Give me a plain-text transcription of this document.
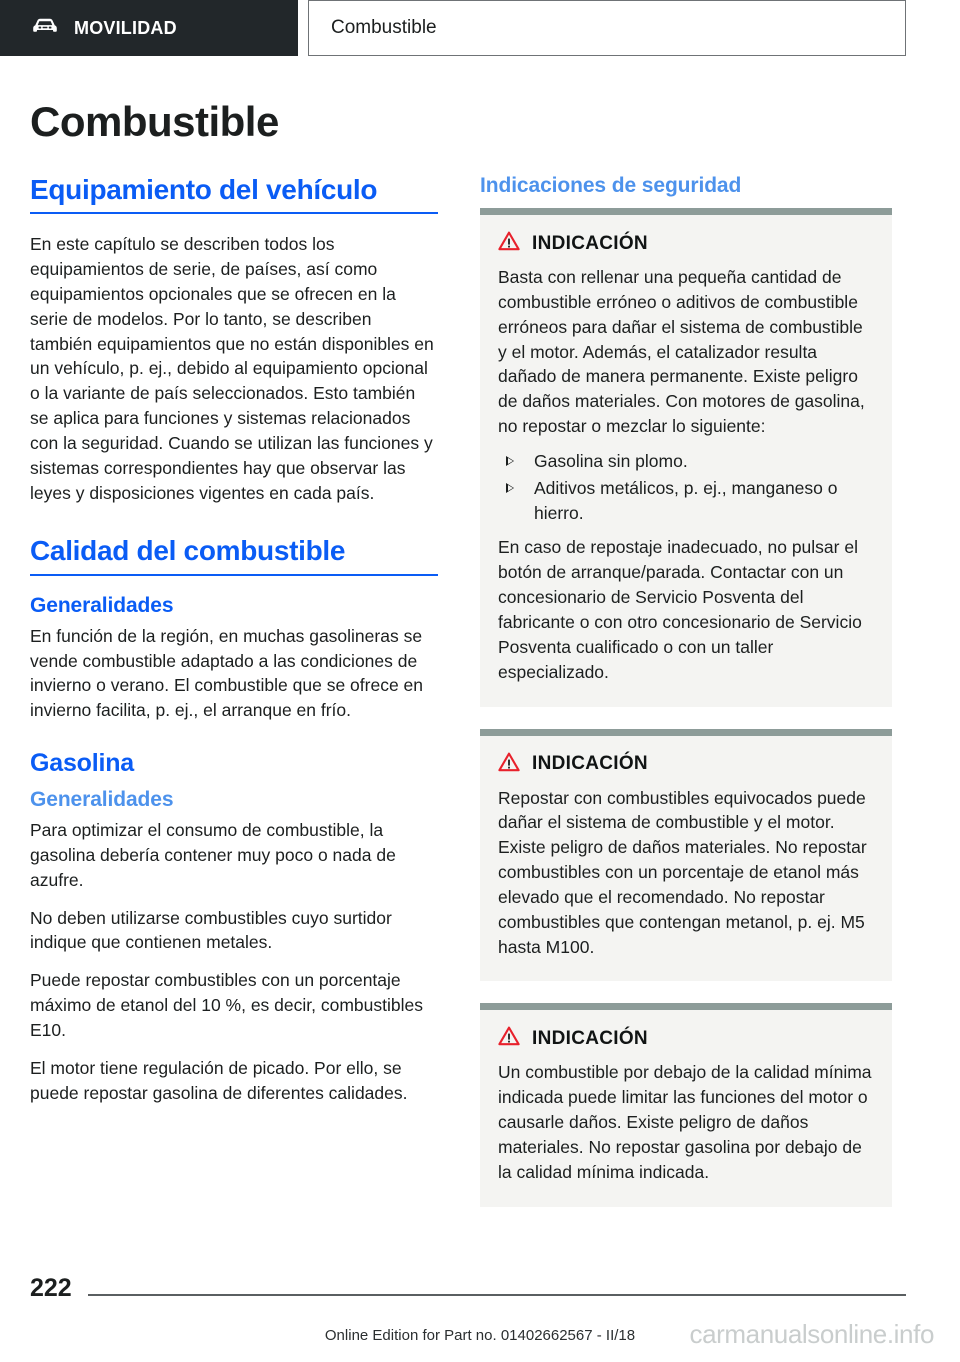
MOVILIDAD	Combustible
Combustible
Equipamiento del vehículo

En este capítulo se describen todos los equipamientos de serie, de países, así como equipamientos opcionales que se ofrecen en la serie de modelos. Por lo tanto, se describen también equipamientos que no están disponibles en un vehículo, p. ej., debido al equipamiento opcional o la variante de país seleccionados. Esto también se aplica para funciones y sistemas relacionados con la seguridad. Cuando se utilizan las funciones y sistemas correspondientes hay que observar las leyes y disposiciones vigentes en cada país.

Calidad del combustible
Generalidades

En función de la región, en muchas gasolineras se vende combustible adaptado a las condiciones de invierno o verano. El combustible que se ofrece en invierno facilita, p. ej., el arranque en frío.

Gasolina
Generalidades

Para optimizar el consumo de combustible, la gasolina debería contener muy poco o nada de azufre.

No deben utilizarse combustibles cuyo surtidor indique que contienen metales.

Puede repostar combustibles con un porcentaje máximo de etanol del 10 %, es decir, combustibles E10.

El motor tiene regulación de picado. Por ello, se puede repostar gasolina de diferentes calidades.

Indicaciones de seguridad
INDICACIÓN

Basta con rellenar una pequeña cantidad de combustible erróneo o aditivos de combustible erróneos para dañar el sistema de combustible y el motor. Además, el catalizador resulta dañado de manera permanente. Existe peligro de daños materiales. Con motores de gasolina, no repostar o mezclar lo siguiente:

Gasolina sin plomo.
Aditivos metálicos, p. ej., manganeso o hierro.

En caso de repostaje inadecuado, no pulsar el botón de arranque/parada. Contactar con un concesionario de Servicio Posventa del fabricante o con otro concesionario de Servicio Posventa cualificado o con un taller especializado.

INDICACIÓN

Repostar con combustibles equivocados puede dañar el sistema de combustible y el motor. Existe peligro de daños materiales. No repostar combustibles con un porcentaje de etanol más elevado que el recomendado. No repostar combustibles que contengan metanol, p. ej. M5 hasta M100.

INDICACIÓN

Un combustible por debajo de la calidad mínima indicada puede limitar las funciones del motor o causarle daños. Existe peligro de daños materiales. No repostar gasolina por debajo de la calidad mínima indicada.

222
Online Edition for Part no. 01402662567 - II/18	carmanualsonline.info
